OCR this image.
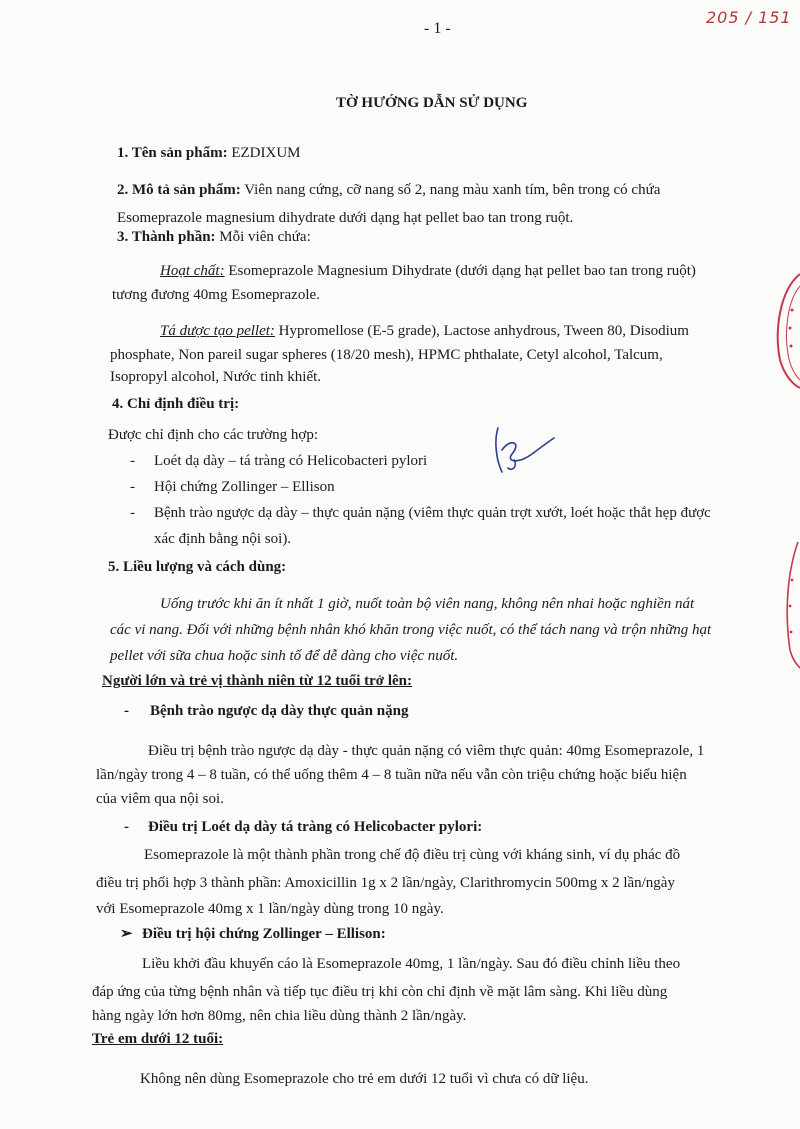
- 1 -
205 / 151
TỜ HƯỚNG DẪN SỬ DỤNG
1. Tên sản phẩm: EZDIXUM
2. Mô tả sản phẩm: Viên nang cứng, cỡ nang số 2, nang màu xanh tím, bên trong có chứa
Esomeprazole magnesium dihydrate dưới dạng hạt pellet bao tan trong ruột.
3. Thành phần: Mỗi viên chứa:
Hoạt chất: Esomeprazole Magnesium Dihydrate (dưới dạng hạt pellet bao tan trong ruột)
tương đương 40mg Esomeprazole.
Tá dược tạo pellet: Hypromellose (E-5 grade), Lactose anhydrous, Tween 80, Disodium
phosphate, Non pareil sugar spheres (18/20 mesh), HPMC phthalate, Cetyl alcohol, Talcum,
Isopropyl alcohol, Nước tinh khiết.
4. Chỉ định điều trị:
Được chỉ định cho các trường hợp:
- Loét dạ dày – tá tràng có Helicobacteri pylori
- Hội chứng Zollinger – Ellison
- Bệnh trào ngược dạ dày – thực quản nặng (viêm thực quản trợt xướt, loét hoặc thắt hẹp được
xác định bằng nội soi).
5. Liều lượng và cách dùng:
Uống trước khi ăn ít nhất 1 giờ, nuốt toàn bộ viên nang, không nên nhai hoặc nghiền nát
các vi nang. Đối với những bệnh nhân khó khăn trong việc nuốt, có thể tách nang và trộn những hạt
pellet với sữa chua hoặc sinh tố để dễ dàng cho việc nuốt.
Người lớn và trẻ vị thành niên từ 12 tuổi trở lên:
- Bệnh trào ngược dạ dày thực quản nặng
Điều trị bệnh trào ngược dạ dày - thực quản nặng có viêm thực quản: 40mg Esomeprazole, 1
lần/ngày trong 4 – 8 tuần, có thể uống thêm 4 – 8 tuần nữa nếu vẫn còn triệu chứng hoặc biểu hiện
của viêm qua nội soi.
- Điều trị Loét dạ dày tá tràng có Helicobacter pylori:
Esomeprazole là một thành phần trong chế độ điều trị cùng với kháng sinh, ví dụ phác đồ
điều trị phối hợp 3 thành phần: Amoxicillin 1g x 2 lần/ngày, Clarithromycin 500mg x 2 lần/ngày
với Esomeprazole 40mg x 1 lần/ngày dùng trong 10 ngày.
➢ Điều trị hội chứng Zollinger – Ellison:
Liều khởi đầu khuyến cáo là Esomeprazole 40mg, 1 lần/ngày. Sau đó điều chỉnh liều theo
đáp ứng của từng bệnh nhân và tiếp tục điều trị khi còn chỉ định về mặt lâm sàng. Khi liều dùng
hàng ngày lớn hơn 80mg, nên chia liều dùng thành 2 lần/ngày.
Trẻ em dưới 12 tuổi:
Không nên dùng Esomeprazole cho trẻ em dưới 12 tuổi vì chưa có dữ liệu.
